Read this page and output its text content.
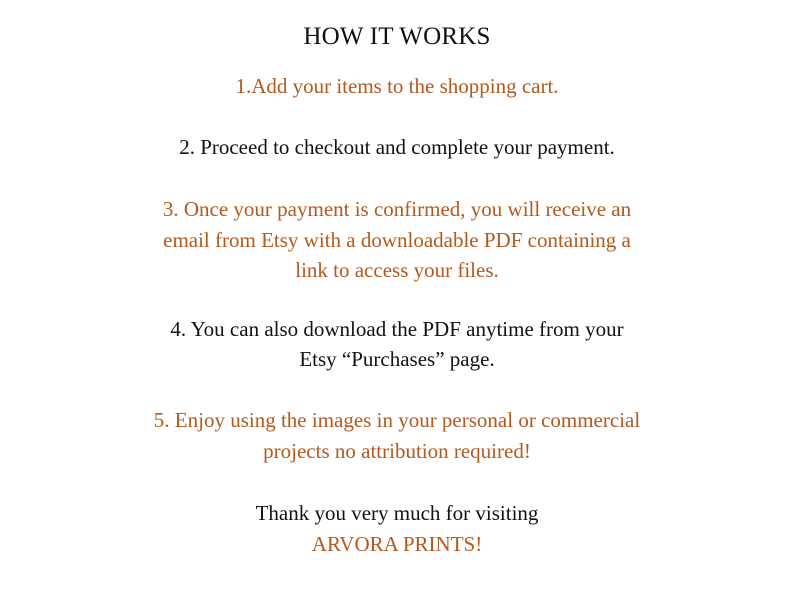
HOW IT WORKS
1.Add your items to the shopping cart.
2. Proceed to checkout and complete your payment.
3. Once your payment is confirmed, you will receive an
email from Etsy with a downloadable PDF containing a
link to access your files.
4. You can also download the PDF anytime from your
Etsy “Purchases” page.
5. Enjoy using the images in your personal or commercial
projects no attribution required!
Thank you very much for visiting
ARVORA PRINTS!
